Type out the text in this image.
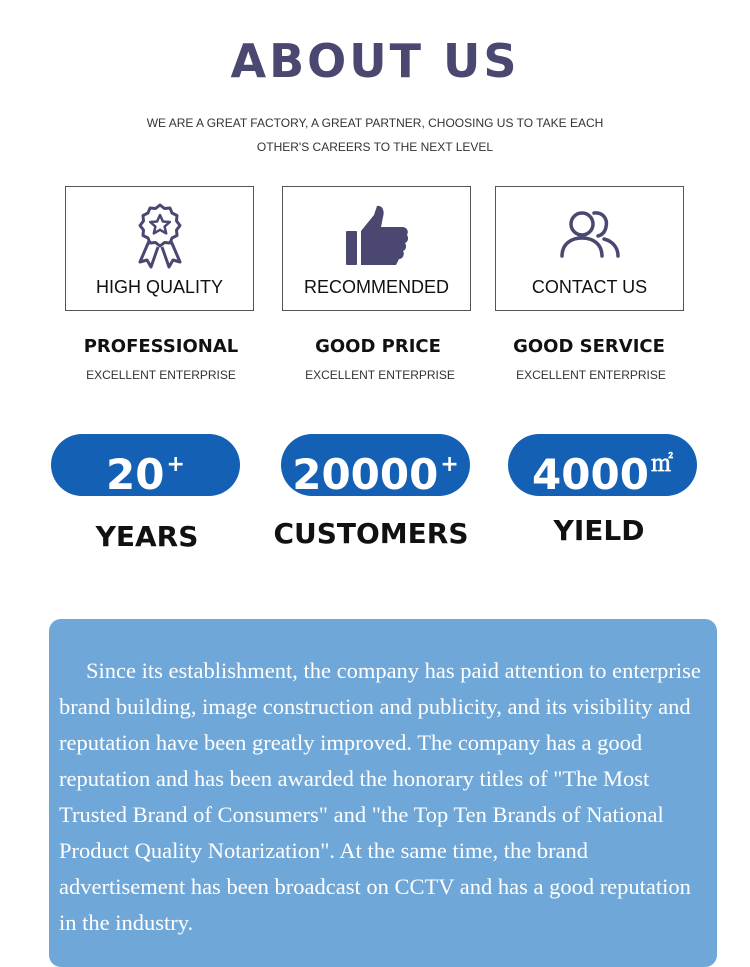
ABOUT US
WE ARE A GREAT FACTORY, A GREAT PARTNER, CHOOSING US TO TAKE EACH
OTHER'S CAREERS TO THE NEXT LEVEL
HIGH QUALITY	RECOMMENDED	CONTACT US
PROFESSIONAL
EXCELLENT ENTERPRISE
GOOD PRICE
EXCELLENT ENTERPRISE
GOOD SERVICE
EXCELLENT ENTERPRISE
20+	20000+	4000㎡
YEARS	CUSTOMERS	YIELD

Since its establishment, the company has paid attention to enterprise brand building, image construction and publicity, and its visibility and reputation have been greatly improved. The company has a good reputation and has been awarded the honorary titles of "The Most Trusted Brand of Consumers" and "the Top Ten Brands of National Product Quality Notarization". At the same time, the brand advertisement has been broadcast on CCTV and has a good reputation in the industry.
